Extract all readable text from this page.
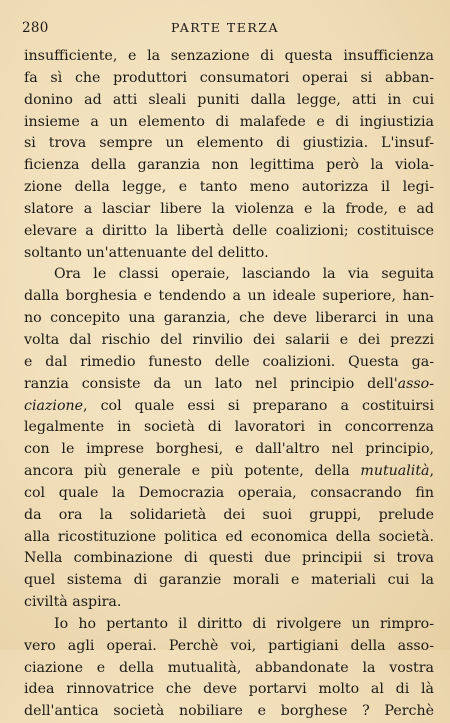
280	PARTE TERZA
insufficiente, e la senzazione di questa insufficienza
fa sì che produttori consumatori operai si abban-
donino ad atti sleali puniti dalla legge, atti in cui
insieme a un elemento di malafede e di ingiustizia
si trova sempre un elemento di giustizia. L'insuf-
ficienza della garanzia non legittima però la viola-
zione della legge, e tanto meno autorizza il legi-
slatore a lasciar libere la violenza e la frode, e ad
elevare a diritto la libertà delle coalizioni; costituisce
soltanto un'attenuante del delitto.
Ora le classi operaie, lasciando la via seguita
dalla borghesia e tendendo a un ideale superiore, han-
no concepito una garanzia, che deve liberarci in una
volta dal rischio del rinvilio dei salarii e dei prezzi
e dal rimedio funesto delle coalizioni. Questa ga-
ranzia consiste da un lato nel principio dell'asso-
ciazione, col quale essi si preparano a costituirsi
legalmente in società di lavoratori in concorrenza
con le imprese borghesi, e dall'altro nel principio,
ancora più generale e più potente, della mutualità,
col quale la Democrazia operaia, consacrando fin
da ora la solidarietà dei suoi gruppi, prelude
alla ricostituzione politica ed economica della società.
Nella combinazione di questi due principii si trova
quel sistema di garanzie morali e materiali cui la
civiltà aspira.
Io ho pertanto il diritto di rivolgere un rimpro-
vero agli operai. Perchè voi, partigiani della asso-
ciazione e della mutualità, abbandonate la vostra
idea rinnovatrice che deve portarvi molto al di là
dell'antica società nobiliare e borghese ? Perchè
